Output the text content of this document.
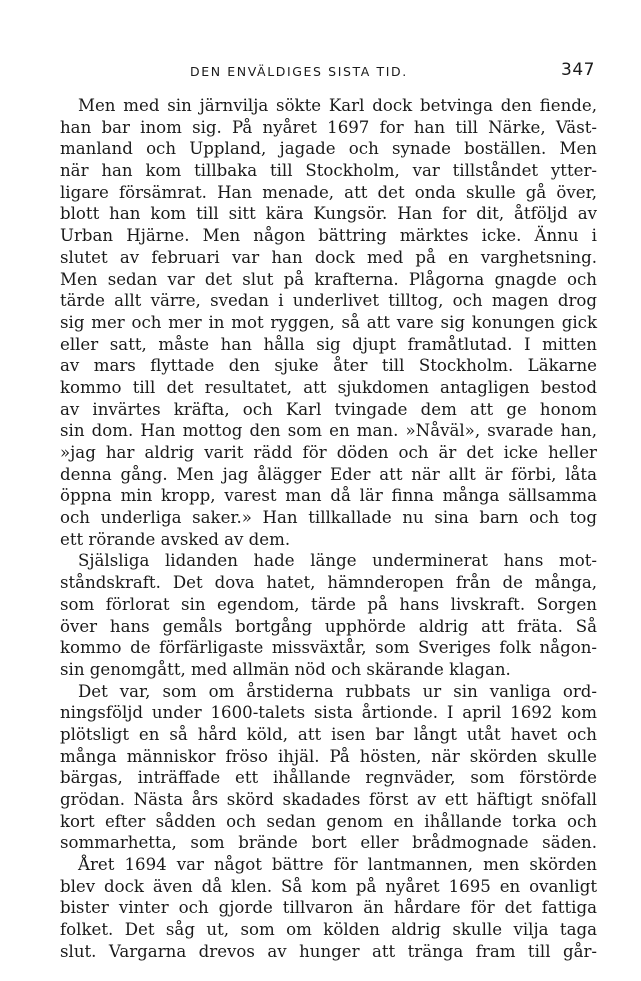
DEN ENVÄLDIGES SISTA TID.	347
Men med sin järnvilja sökte Karl dock betvinga den fiende,
han bar inom sig. På nyåret 1697 for han till Närke, Väst-
manland och Uppland, jagade och synade boställen. Men
när han kom tillbaka till Stockholm, var tillståndet ytter-
ligare försämrat. Han menade, att det onda skulle gå över,
blott han kom till sitt kära Kungsör. Han for dit, åtföljd av
Urban Hjärne. Men någon bättring märktes icke. Ännu i
slutet av februari var han dock med på en varghetsning.
Men sedan var det slut på krafterna. Plågorna gnagde och
tärde allt värre, svedan i underlivet tilltog, och magen drog
sig mer och mer in mot ryggen, så att vare sig konungen gick
eller satt, måste han hålla sig djupt framåtlutad. I mitten
av mars flyttade den sjuke åter till Stockholm. Läkarne
kommo till det resultatet, att sjukdomen antagligen bestod
av invärtes kräfta, och Karl tvingade dem att ge honom
sin dom. Han mottog den som en man. »Nåväl», svarade han,
»jag har aldrig varit rädd för döden och är det icke heller
denna gång. Men jag ålägger Eder att när allt är förbi, låta
öppna min kropp, varest man då lär finna många sällsamma
och underliga saker.» Han tillkallade nu sina barn och tog
ett rörande avsked av dem.
Själsliga lidanden hade länge underminerat hans mot-
ståndskraft. Det dova hatet, hämnderopen från de många,
som förlorat sin egendom, tärde på hans livskraft. Sorgen
över hans gemåls bortgång upphörde aldrig att fräta. Så
kommo de förfärligaste missväxtår, som Sveriges folk någon-
sin genomgått, med allmän nöd och skärande klagan.
Det var, som om årstiderna rubbats ur sin vanliga ord-
ningsföljd under 1600-talets sista årtionde. I april 1692 kom
plötsligt en så hård köld, att isen bar långt utåt havet och
många människor fröso ihjäl. På hösten, när skörden skulle
bärgas, inträffade ett ihållande regnväder, som förstörde
grödan. Nästa års skörd skadades först av ett häftigt snöfall
kort efter sådden och sedan genom en ihållande torka och
sommarhetta, som brände bort eller brådmognade säden.
Året 1694 var något bättre för lantmannen, men skörden
blev dock även då klen. Så kom på nyåret 1695 en ovanligt
bister vinter och gjorde tillvaron än hårdare för det fattiga
folket. Det såg ut, som om kölden aldrig skulle vilja taga
slut. Vargarna drevos av hunger att tränga fram till går-
